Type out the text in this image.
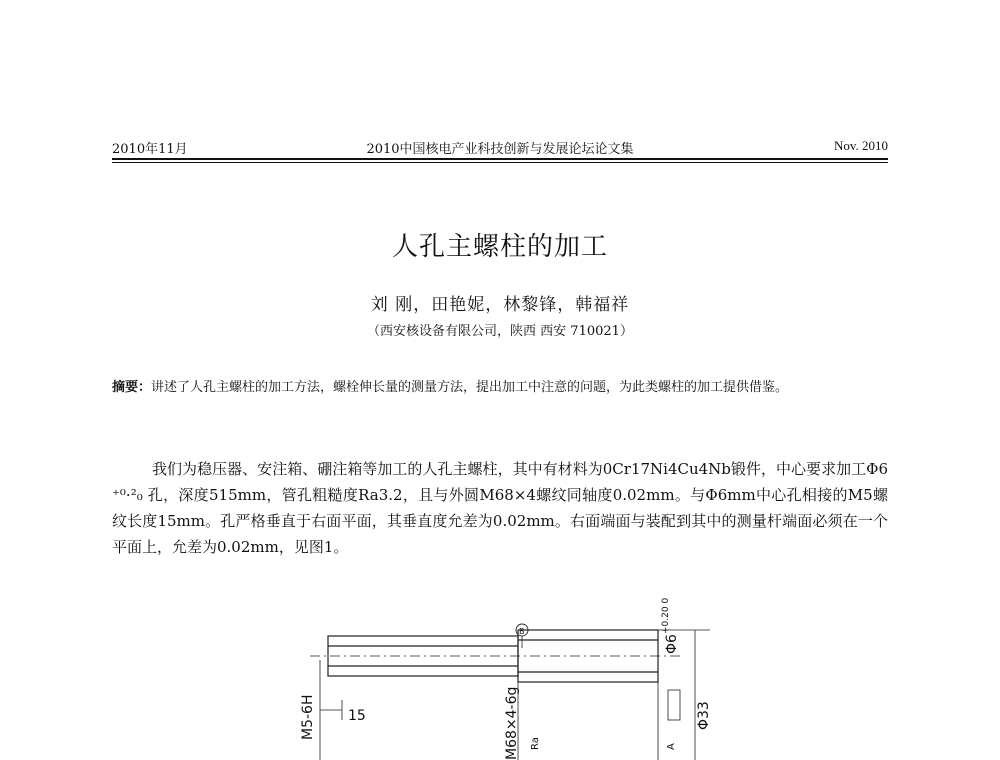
2010年11月	2010中国核电产业科技创新与发展论坛论文集	Nov. 2010
人孔主螺柱的加工
刘 刚，田艳妮，林黎锋，韩福祥
（西安核设备有限公司，陕西 西安 710021）
摘要：讲述了人孔主螺柱的加工方法，螺栓伸长量的测量方法，提出加工中注意的问题，为此类螺柱的加工提供借鉴。
我们为稳压器、安注箱、硼注箱等加工的人孔主螺柱，其中有材料为0Cr17Ni4Cu4Nb锻件，中心要求加工Φ6 ⁺⁰·²₀ 孔，深度515mm，管孔粗糙度Ra3.2，且与外圆M68×4螺纹同轴度0.02mm。与Φ6mm中心孔相接的M5螺纹长度15mm。孔严格垂直于右面平面，其垂直度允差为0.02mm。右面端面与装配到其中的测量杆端面必须在一个平面上，允差为0.02mm，见图1。
M5-6H 15	M68×4-6g Ra
Φ6
+0.20 0
Φ33
B
A
